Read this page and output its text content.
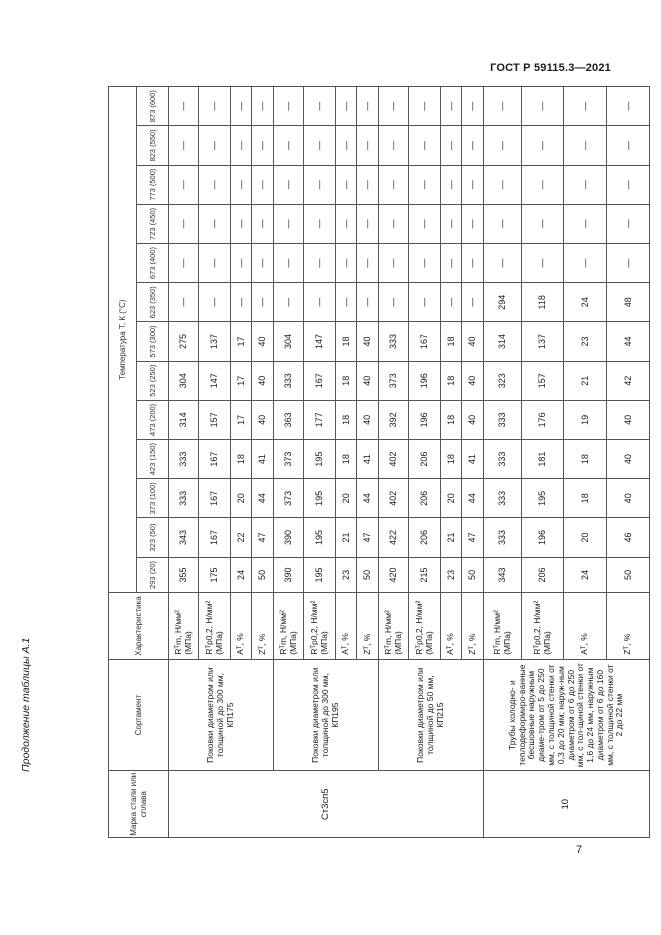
ГОСТ Р 59115.3—2021
Продолжение таблицы А.1
7
Марка стали или сплава	Сортамент	Характеристика	Температура T, К (°С)												
			293 (20)	323 (50)	373 (100)	423 (150)	473 (200)	523 (250)	573 (300)	623 (350)	673 (400)	723 (450)	773 (500)	823 (550)	873 (600)
Ст3сп5	Поковки диаметром или толщиной до 300 мм, КП175	Rᵀm, Н/мм² (МПа)	355	343	333	333	314	304	275	—	—	—	—	—	—
		Rᵀp0,2, Н/мм² (МПа)	175	167	167	167	157	147	137	—	—	—	—	—	—
		Aᵀ, %	24	22	20	18	17	17	17	—	—	—	—	—	—
		Zᵀ, %	50	47	44	41	40	40	40	—	—	—	—	—	—
	Поковки диаметром или толщиной до 300 мм, КП195	Rᵀm, Н/мм² (МПа)	390	390	373	373	363	333	304	—	—	—	—	—	—
		Rᵀp0,2, Н/мм² (МПа)	195	195	195	195	177	167	147	—	—	—	—	—	—
		Aᵀ, %	23	21	20	18	18	18	18	—	—	—	—	—	—
		Zᵀ, %	50	47	44	41	40	40	40	—	—	—	—	—	—
	Поковки диаметром или толщиной до 50 мм, КП215	Rᵀm, Н/мм² (МПа)	420	422	402	402	392	373	333	—	—	—	—	—	—
		Rᵀp0,2, Н/мм² (МПа)	215	206	206	206	196	196	167	—	—	—	—	—	—
		Aᵀ, %	23	21	20	18	18	18	18	—	—	—	—	—	—
		Zᵀ, %	50	47	44	41	40	40	40	—	—	—	—	—	—
10	Трубы холодно- и теплодеформиро-ванные бесшовные наружным диаме-тром от 5 до 250 мм, с толщиной стенки от 0,3 до 20 мм; наруж-ным диаметром от 6 до 250 мм, с тол-щиной стенки от 1,6 до 24 мм, наружным диаметром от 6 до 160 мм, с толщиной стенки от 2 до 22 мм	Rᵀm, Н/мм² (МПа)	343	333	333	333	333	323	314	294	—	—	—	—	—
		Rᵀp0,2, Н/мм² (МПа)	206	196	195	181	176	157	137	118	—	—	—	—	—
		Aᵀ, %	24	20	18	18	19	21	23	24	—	—	—	—	—
		Zᵀ, %	50	46	40	40	40	42	44	48	—	—	—	—	—
